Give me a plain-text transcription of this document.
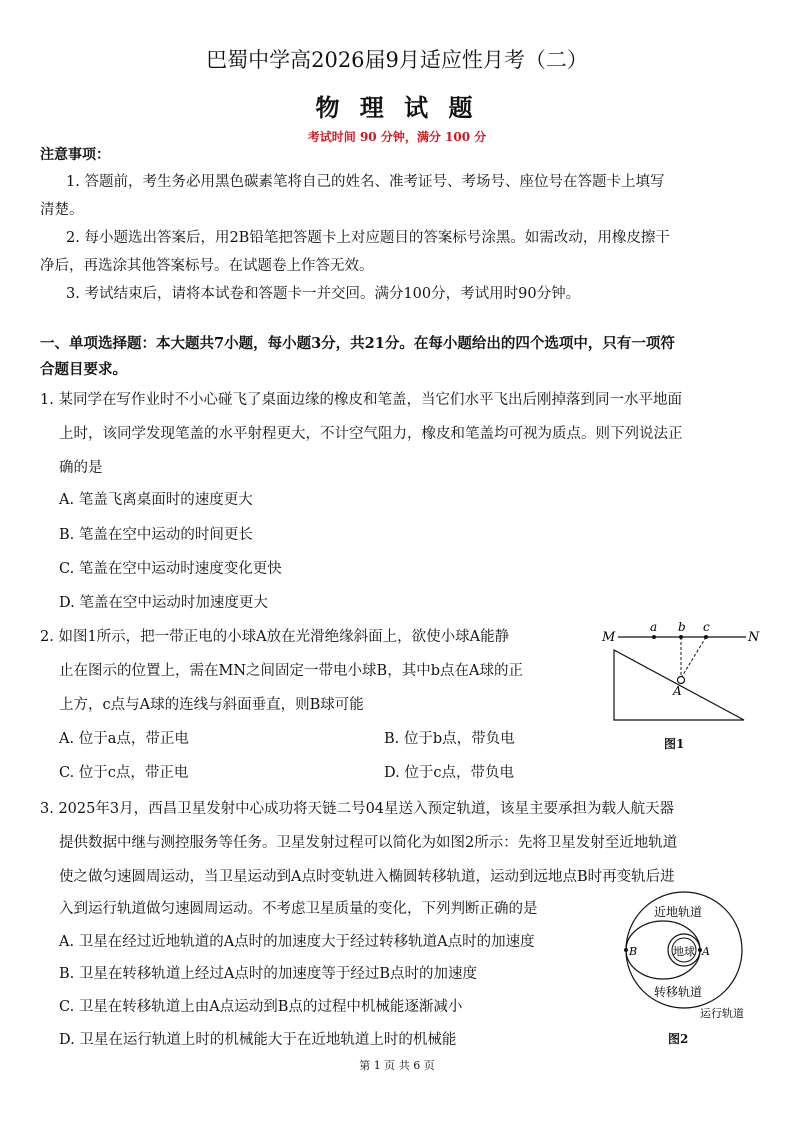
巴蜀中学高2026届9月适应性月考（二）
物 理 试 题
考试时间 90 分钟，满分 100 分
注意事项：
1. 答题前，考生务必用黑色碳素笔将自己的姓名、准考证号、考场号、座位号在答题卡上填写
清楚。
2. 每小题选出答案后，用2B铅笔把答题卡上对应题目的答案标号涂黑。如需改动，用橡皮擦干
净后，再选涂其他答案标号。在试题卷上作答无效。
3. 考试结束后，请将本试卷和答题卡一并交回。满分100分，考试用时90分钟。
一、单项选择题：本大题共7小题，每小题3分，共21分。在每小题给出的四个选项中，只有一项符
合题目要求。
1. 某同学在写作业时不小心碰飞了桌面边缘的橡皮和笔盖，当它们水平飞出后刚掉落到同一水平地面
上时，该同学发现笔盖的水平射程更大，不计空气阻力，橡皮和笔盖均可视为质点。则下列说法正
确的是
A. 笔盖飞离桌面时的速度更大
B. 笔盖在空中运动的时间更长
C. 笔盖在空中运动时速度变化更快
D. 笔盖在空中运动时加速度更大
2. 如图1所示，把一带正电的小球A放在光滑绝缘斜面上，欲使小球A能静
止在图示的位置上，需在MN之间固定一带电小球B，其中b点在A球的正
上方，c点与A球的连线与斜面垂直，则B球可能
A. 位于a点，带正电	B. 位于b点，带负电
C. 位于c点，带正电	D. 位于c点，带负电
M	N
a b c
A
图1
3. 2025年3月，西昌卫星发射中心成功将天链二号04星送入预定轨道，该星主要承担为载人航天器
提供数据中继与测控服务等任务。卫星发射过程可以简化为如图2所示：先将卫星发射至近地轨道
使之做匀速圆周运动，当卫星运动到A点时变轨进入椭圆转移轨道，运动到远地点B时再变轨后进
入到运行轨道做匀速圆周运动。不考虑卫星质量的变化，下列判断正确的是
A. 卫星在经过近地轨道的A点时的加速度大于经过转移轨道A点时的加速度
B. 卫星在转移轨道上经过A点时的加速度等于经过B点时的加速度
C. 卫星在转移轨道上由A点运动到B点的过程中机械能逐渐减小
D. 卫星在运行轨道上时的机械能大于在近地轨道上时的机械能
地球 A
B
近地轨道
转移轨道
运行轨道
图2
第 1 页 共 6 页
